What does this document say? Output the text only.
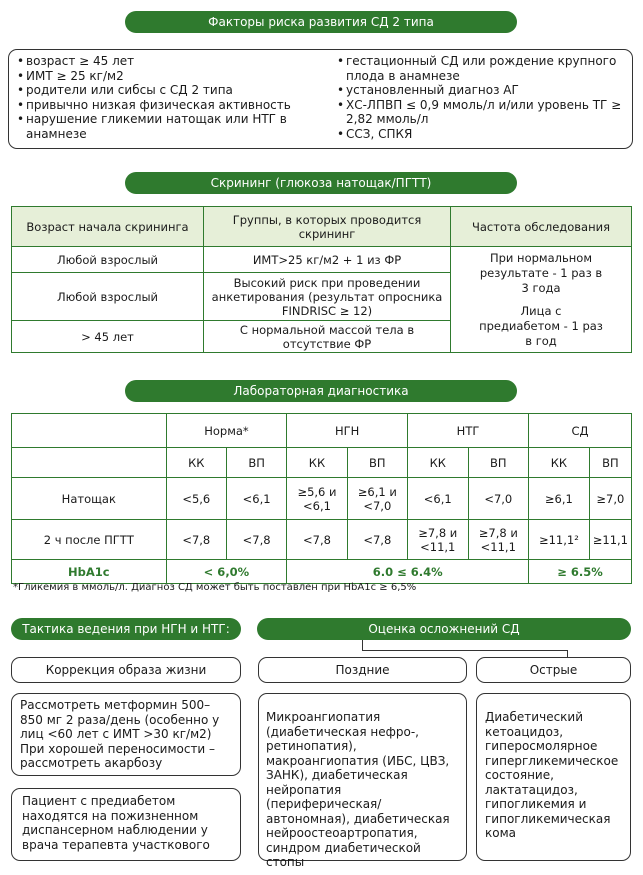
Факторы риска развития СД 2 типа
• возраст ≥ 45 лет
• ИМТ ≥ 25 кг/м2
• родители или сибсы с СД 2 типа
• привычно низкая физическая активность
• нарушение гликемии натощак или НТГ в анамнезе
• гестационный СД или рождение крупного плода в анамнезе
• установленный диагноз АГ
• ХС-ЛПВП ≤ 0,9 ммоль/л и/или уровень ТГ ≥ 2,82 ммоль/л
• ССЗ, СПКЯ
Скрининг (глюкоза натощак/ПГТТ)
Возраст начала скрининга	Группы, в которых проводится скрининг	Частота обследования
Любой взрослый	ИМТ>25 кг/м2 + 1 из ФР	При нормальном результате - 1 раз в 3 года
Лица с предиабетом - 1 раз в год

Любой взрослый	Высокий риск при проведении анкетирования (результат опросника FINDRISC ≥ 12)	
> 45 лет	С нормальной массой тела в отсутствие ФР	
Лабораторная диагностика
	Норма*		НГН		НТГ		СД	
	КК	ВП	КК	ВП	КК	ВП	КК	ВП
Натощак	<5,6	<6,1	≥5,6 и <6,1	≥6,1 и <7,0	<6,1	<7,0	≥6,1	≥7,0
2 ч после ПГТТ	<7,8	<7,8	<7,8	<7,8	≥7,8 и <11,1	≥7,8 и <11,1	≥11,1²	≥11,1
HbA1c	< 6,0%		6.0 ≤ 6.4%				≥ 6.5%	
*Гликемия в ммоль/л. Диагноз СД может быть поставлен при HbA1c ≥ 6,5%
Тактика ведения при НГН и НТГ:
Коррекция образа жизни
Рассмотреть метформин 500–850 мг 2 раза/день (особенно у лиц <60 лет с ИМТ >30 кг/м2)
При хорошей переносимости – рассмотреть акарбозу
Пациент с предиабетом находятся на пожизненном диспансерном наблюдении у врача терапевта участкового
Оценка осложнений СД
Поздние	Острые
Микроангиопатия (диабетическая нефро-, ретинопатия), макроангиопатия (ИБС, ЦВЗ, ЗАНК), диабетическая нейропатия (периферическая/ автономная), диабетическая нейроостеоартропатия, синдром диабетической стопы
Диабетический кетоацидоз, гиперосмолярное гипергликемическое состояние, лактатацидоз, гипогликемия и гипогликемическая кома
